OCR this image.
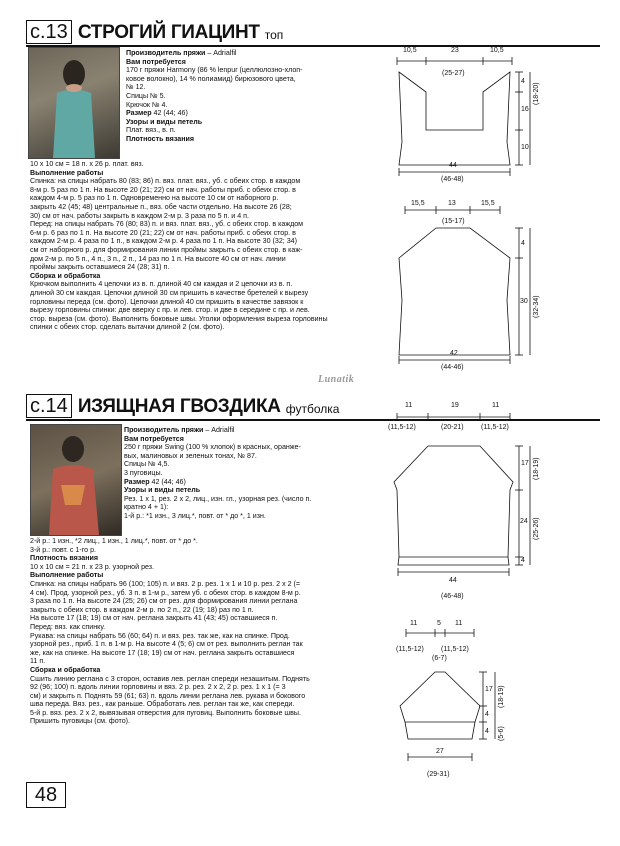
с.13 СТРОГИЙ ГИАЦИНТ топ

Производитель пряжи – Adrialfil

Вам потребуется

170 г пряжи Harmony (86 % lenpur (целлюлозно-хлоп-

ковое волокно), 14 % полиамид) бирюзового цвета,

№ 12.

Спицы № 5.

Крючок № 4.

Размер 42 (44; 46)

Узоры и виды петель

Плат. вяз., в. п.

Плотность вязания

10 х 10 см = 18 п. х 26 р. плат. вяз.

Выполнение работы

Спинка: на спицы набрать 80 (83; 86) п. вяз. плат. вяз., уб. с обеих стор. в каждом

8-м р. 5 раз по 1 п. На высоте 20 (21; 22) см от нач. работы приб. с обеих стор. в

каждом 4-м р. 5 раз по 1 п. Одновременно на высоте 10 см от наборного р.

закрыть 42 (45; 48) центральные п., вяз. обе части отдельно. На высоте 26 (28;

30) см от нач. работы закрыть в каждом 2-м р. 3 раза по 5 п. и 4 п.

Перед: на спицы набрать 76 (80; 83) п. и вяз. плат. вяз., уб. с обеих стор. в каждом

6-м р. 6 раз по 1 п. На высоте 20 (21; 22) см от нач. работы приб. с обеих стор. в

каждом 2-м р. 4 раза по 1 п., в каждом 2-м р. 4 раза по 1 п. На высоте 30 (32; 34)

см от наборного р. для формирования линии проймы закрыть с обеих стор. в каж-

дом 2-м р. по 5 п., 4 п., 3 п., 2 п., 14 раз по 1 п. На высоте 40 см от нач. линии

проймы закрыть оставшиеся 24 (28; 31) п.

Сборка и обработка

Крючком выполнить 4 цепочки из в. п. длиной 40 см каждая и 2 цепочки из в. п.

длиной 30 см каждая. Цепочки длиной 30 см пришить в качестве бретелей к вырезу

горловины переда (см. фото). Цепочки длиной 40 см пришить в качестве завязок к

вырезу горловины спинки: две вверху с пр. и лев. стор. и две в середине с пр. и лев.

стор. выреза (см. фото). Выполнить боковые швы. Уголки оформления выреза горловины

спинки с обеих стор. сделать вытачки длиной 2 (см. фото).

10,5	23	10,5
(25-27)
4
16
10
(18-20)
44
(46-48)
15,5	13	15,5
(15-17)
4
30 (32-34)
42
(44-46)
Lunatik
с.14 ИЗЯЩНАЯ ГВОЗДИКА футболка

Производитель пряжи – Adrialfil

Вам потребуется

250 г пряжи Swing (100 % хлопок) в красных, оранже-

вых, малиновых и зеленых тонах, № 87.

Спицы № 4,5.

3 пуговицы.

Размер 42 (44; 46)

Узоры и виды петель

Рез. 1 х 1, рез. 2 х 2, лиц., изн. гл., узорная рез. (число п.

кратно 4 + 1):

1-й р.: *1 изн., 3 лиц.*, повт. от * до *, 1 изн.

2-й р.: 1 изн., *2 лиц., 1 изн., 1 лиц.*, повт. от * до *.

3-й р.: повт. с 1-го р.

Плотность вязания

10 х 10 см = 21 п. х 23 р. узорной рез.

Выполнение работы

Спинка: на спицы набрать 96 (100; 105) п. и вяз. 2 р. рез. 1 х 1 и 10 р. рез. 2 х 2 (=

4 см). Прод. узорной рез., уб. 3 п. в 1-м р., затем уб. с обеих стор. в каждом 8-м р.

3 раза по 1 п. На высоте 24 (25; 26) см от рез. для формирования линии реглана

закрыть с обеих стор. в каждом 2-м р. по 2 п., 22 (19; 18) раз по 1 п.

На высоте 17 (18; 19) см от нач. реглана закрыть 41 (43; 45) оставшиеся п.

Перед: вяз. как спинку.

Рукава: на спицы набрать 56 (60; 64) п. и вяз. рез. так же, как на спинке. Прод.

узорной рез., приб. 1 п. в 1-м р. На высоте 4 (5; 6) см от рез. выполнить реглан так

же, как на спинке. На высоте 17 (18; 19) см от нач. реглана закрыть оставшиеся

11 п.

Сборка и обработка

Сшить линию реглана с 3 сторон, оставив лев. реглан спереди незашитым. Поднять

92 (96; 100) п. вдоль линии горловины и вяз. 2 р. рез. 2 х 2, 2 р. рез. 1 х 1 (= 3

см) и закрыть п. Поднять 59 (61; 63) п. вдоль линии реглана лев. рукава и бокового

шва переда. Вяз. рез., как раньше. Обработать лев. реглан так же, как спереди.

5-й р. вяз. рез. 2 х 2, вывязывая отверстия для пуговиц. Выполнить боковые швы.

Пришить пуговицы (см. фото).

11	19	11
(11,5-12)	(20-21) (11,5-12)
17 (18-19)
24 (25-26)
4
44
(46-48)
11	5 11
(11,5-12)
(6-7)
(11,5-12)
17 (18-19)
4
(5-6)
4
27
(29-31)
48
